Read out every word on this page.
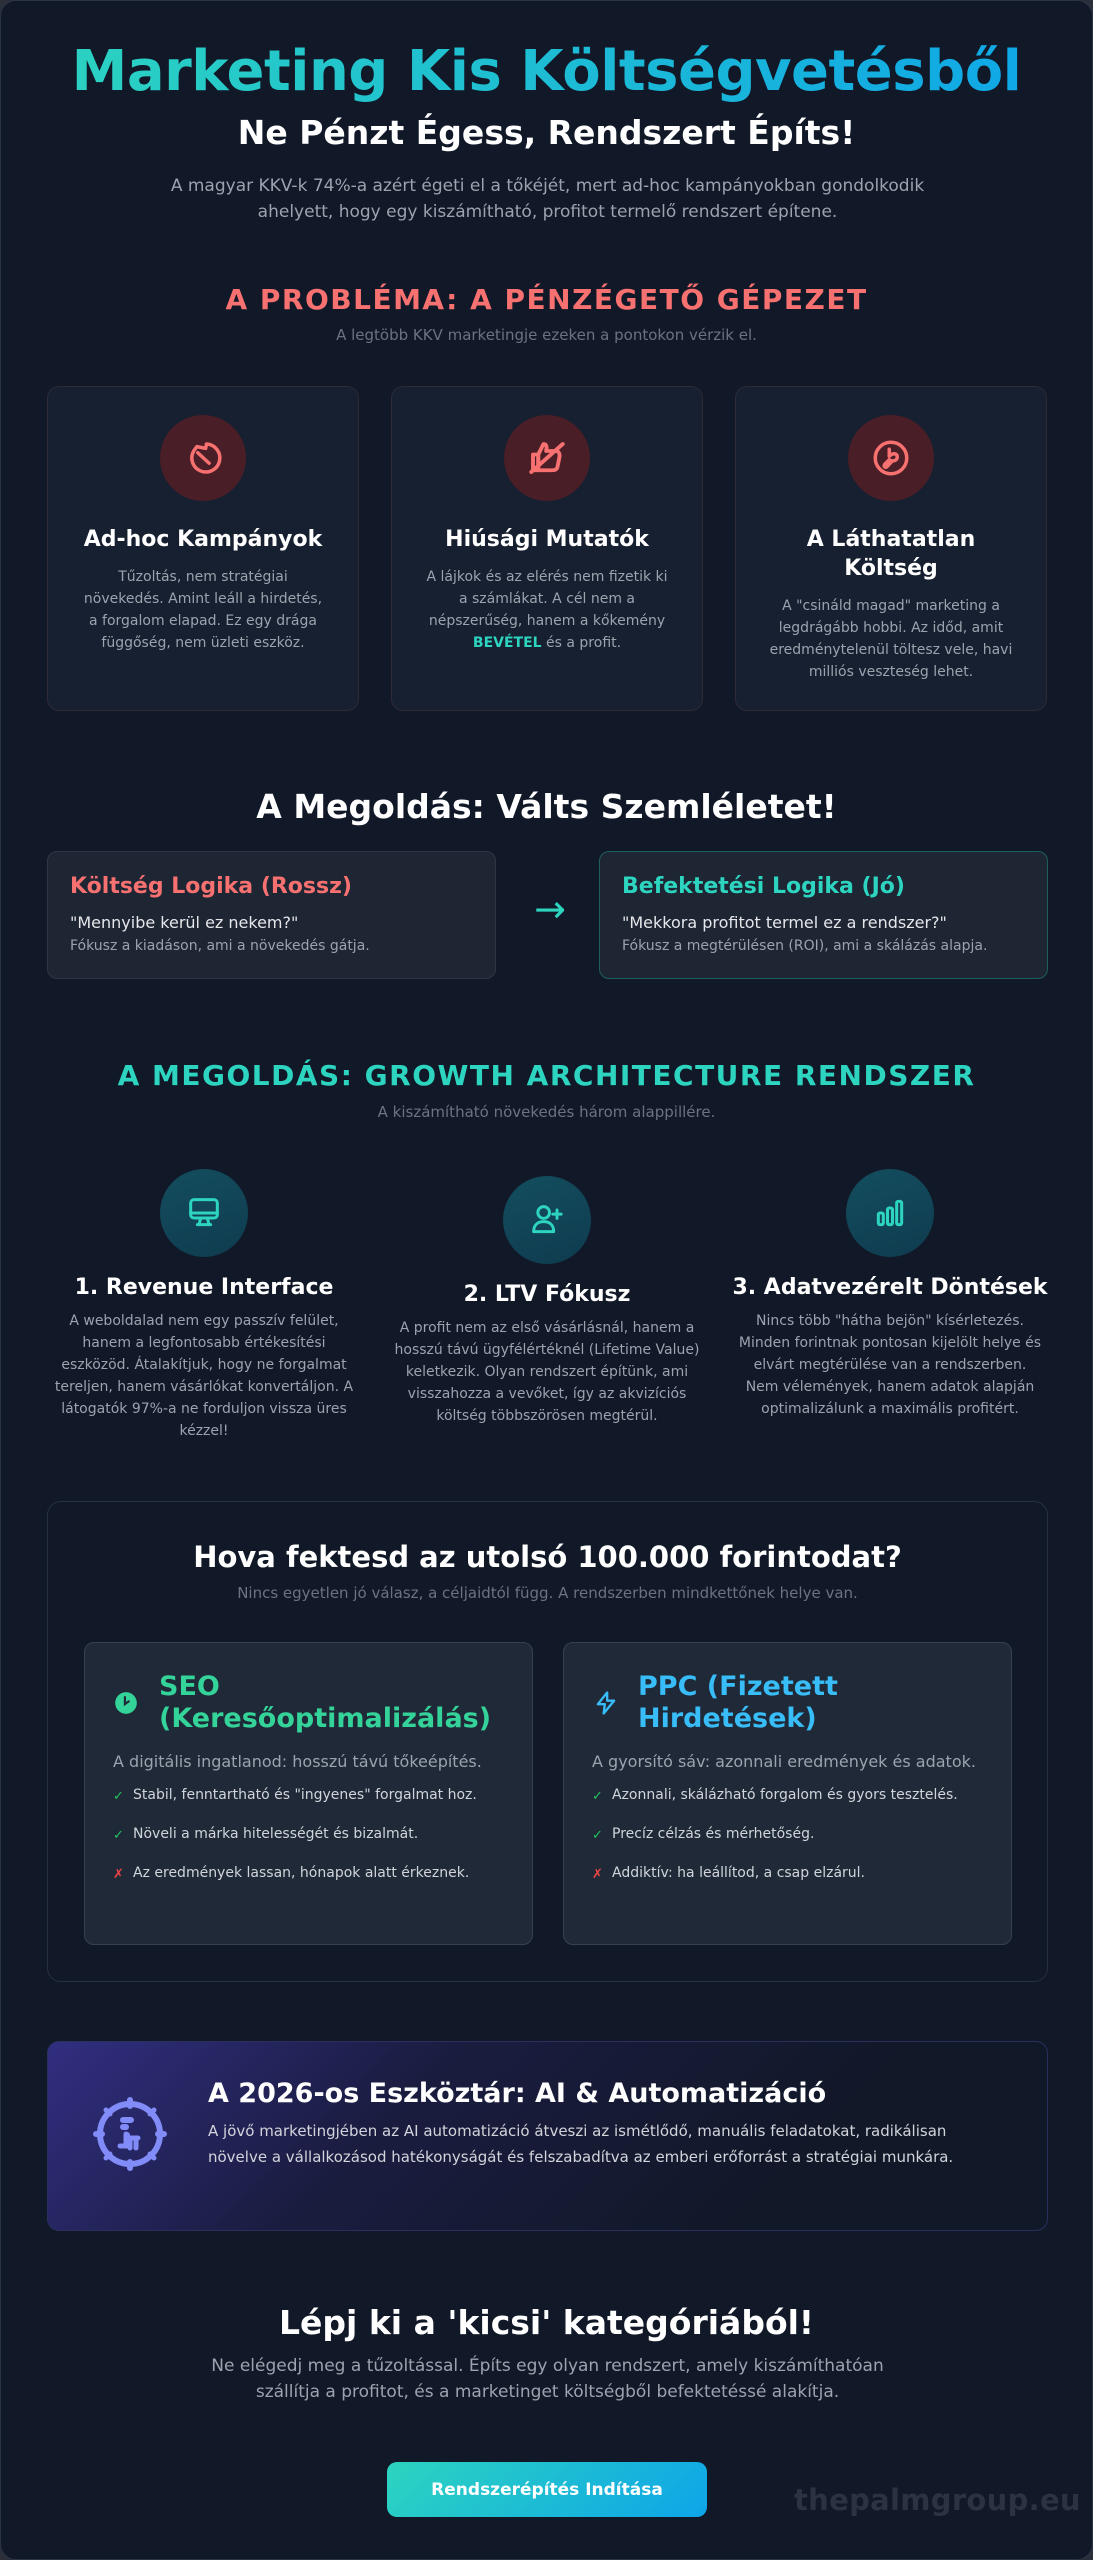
Marketing Kis Költségvetésből
Ne Pénzt Égess, Rendszert Építs!

A magyar KKV-k 74%-a azért égeti el a tőkéjét, mert ad-hoc kampányokban gondolkodik ahelyett, hogy egy kiszámítható, profitot termelő rendszert építene.

A PROBLÉMA: A PÉNZÉGETŐ GÉPEZET
A legtöbb KKV marketingje ezeken a pontokon vérzik el.
Ad-hoc Kampányok
Tűzoltás, nem stratégiai növekedés. Amint leáll a hirdetés, a forgalom elapad. Ez egy drága függőség, nem üzleti eszköz.
Hiúsági Mutatók
A lájkok és az elérés nem fizetik ki a számlákat. A cél nem a népszerűség, hanem a kőkemény BEVÉTEL és a profit.
A Láthatatlan Költség
A "csináld magad" marketing a legdrágább hobbi. Az időd, amit eredménytelenül töltesz vele, havi milliós veszteség lehet.
A Megoldás: Válts Szemléletet!
Költség Logika (Rossz)
"Mennyibe kerül ez nekem?"
Fókusz a kiadáson, ami a növekedés gátja.
→
Befektetési Logika (Jó)
"Mekkora profitot termel ez a rendszer?"
Fókusz a megtérülésen (ROI), ami a skálázás alapja.
A MEGOLDÁS: GROWTH ARCHITECTURE RENDSZER
A kiszámítható növekedés három alappillére.
1. Revenue Interface
A weboldalad nem egy passzív felület, hanem a legfontosabb értékesítési eszközöd. Átalakítjuk, hogy ne forgalmat tereljen, hanem vásárlókat konvertáljon. A látogatók 97%-a ne forduljon vissza üres kézzel!
2. LTV Fókusz
A profit nem az első vásárlásnál, hanem a hosszú távú ügyfélértéknél (Lifetime Value) keletkezik. Olyan rendszert építünk, ami visszahozza a vevőket, így az akvizíciós költség többszörösen megtérül.
3. Adatvezérelt Döntések
Nincs több "hátha bejön" kísérletezés. Minden forintnak pontosan kijelölt helye és elvárt megtérülése van a rendszerben. Nem vélemények, hanem adatok alapján optimalizálunk a maximális profitért.
Hova fektesd az utolsó 100.000 forintodat?
Nincs egyetlen jó válasz, a céljaidtól függ. A rendszerben mindkettőnek helye van.
SEO (Keresőoptimalizálás)
A digitális ingatlanod: hosszú távú tőkeépítés.
✓ Stabil, fenntartható és "ingyenes" forgalmat hoz.
✓ Növeli a márka hitelességét és bizalmát.
✗ Az eredmények lassan, hónapok alatt érkeznek.
PPC (Fizetett Hirdetések)
A gyorsító sáv: azonnali eredmények és adatok.
✓ Azonnali, skálázható forgalom és gyors tesztelés.
✓ Precíz célzás és mérhetőség.
✗ Addiktív: ha leállítod, a csap elzárul.
A 2026-os Eszköztár: AI & Automatizáció
A jövő marketingjében az AI automatizáció átveszi az ismétlődő, manuális feladatokat, radikálisan növelve a vállalkozásod hatékonyságát és felszabadítva az emberi erőforrást a stratégiai munkára.
Lépj ki a 'kicsi' kategóriából!
Ne elégedj meg a tűzoltással. Építs egy olyan rendszert, amely kiszámíthatóan szállítja a profitot, és a marketinget költségből befektetéssé alakítja.
Rendszerépítés Indítása	thepalmgroup.eu
